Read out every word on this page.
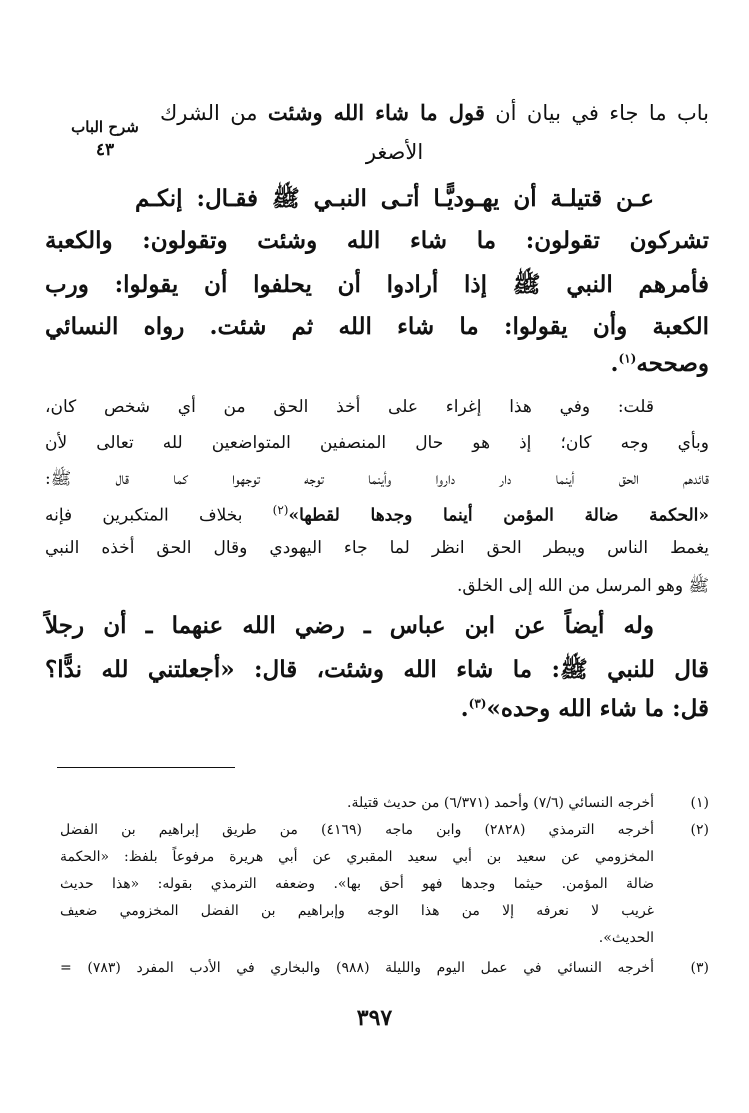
شرح الباب
٤٣
باب ما جاء في بيان أن قول ما شاء الله وشئت من الشرك
الأصغر
عـن قتيلـة أن يهـوديًّـا أتـى النبـي ﷺ فقـال: إنكـم
تشركون تقولون: ما شاء الله وشئت وتقولون: والكعبة
فأمرهم النبي ﷺ إذا أرادوا أن يحلفوا أن يقولوا: ورب
الكعبة وأن يقولوا: ما شاء الله ثم شئت. رواه النسائي
وصححه$^{(١)}$.
قلت: وفي هذا إغراء على أخذ الحق من أي شخص كان،
وبأي وجه كان؛ إذ هو حال المنصفين المتواضعين لله تعالى لأن
قائدهم الحق أينما دار داروا وأينما توجه توجهوا كما قال ﷺ:
«الحكمة ضالة المؤمن أينما وجدها لقطها»$^{(٢)}$ بخلاف المتكبرين فإنه
يغمط الناس ويبطر الحق انظر لما جاء اليهودي وقال الحق أخذه النبي
ﷺ وهو المرسل من الله إلى الخلق.
وله أيضاً عن ابن عباس ـ رضي الله عنهما ـ أن رجلاً
قال للنبي ﷺ: ما شاء الله وشئت، قال: «أجعلتني لله ندًّا؟
قل: ما شاء الله وحده»$^{(٣)}$.
(١)
أخرجه النسائي (٧/٦) وأحمد (٦/٣٧١) من حديث قتيلة.
(٢)
أخرجه الترمذي (٢٨٢٨) وابن ماجه (٤١٦٩) من طريق إبراهيم بن الفضل
المخزومي عن سعيد بن أبي سعيد المقبري عن أبي هريرة مرفوعاً بلفظ: «الحكمة
ضالة المؤمن. حيثما وجدها فهو أحق بها». وضعفه الترمذي بقوله: «هذا حديث
غريب لا نعرفه إلا من هذا الوجه وإبراهيم بن الفضل المخزومي ضعيف
الحديث».
(٣)
أخرجه النسائي في عمل اليوم والليلة (٩٨٨) والبخاري في الأدب المفرد (٧٨٣) =
٣٩٧
